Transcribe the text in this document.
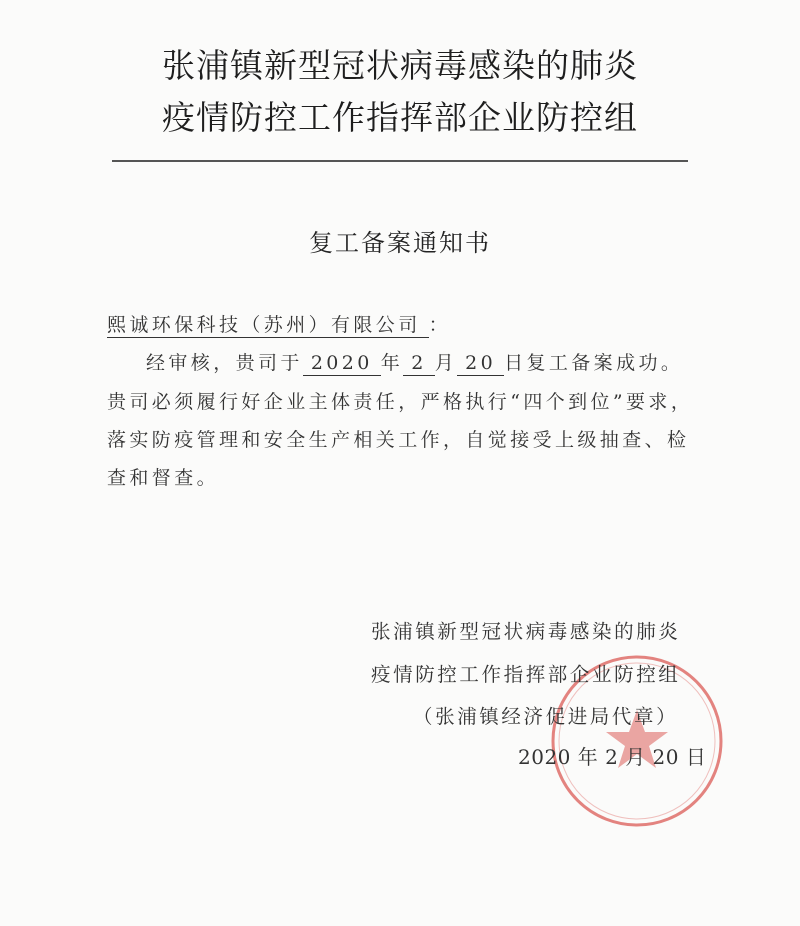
张浦镇新型冠状病毒感染的肺炎
疫情防控工作指挥部企业防控组
复工备案通知书
熙诚环保科技（苏州）有限公司 ：
经审核，贵司于 2020 年 2 月 20 日复工备案成功。
贵司必须履行好企业主体责任，严格执行“四个到位”要求，
落实防疫管理和安全生产相关工作，自觉接受上级抽查、检
查和督查。
张浦镇新型冠状病毒感染的肺炎
疫情防控工作指挥部企业防控组
（张浦镇经济促进局代章）
2020 年 2 月 20 日
